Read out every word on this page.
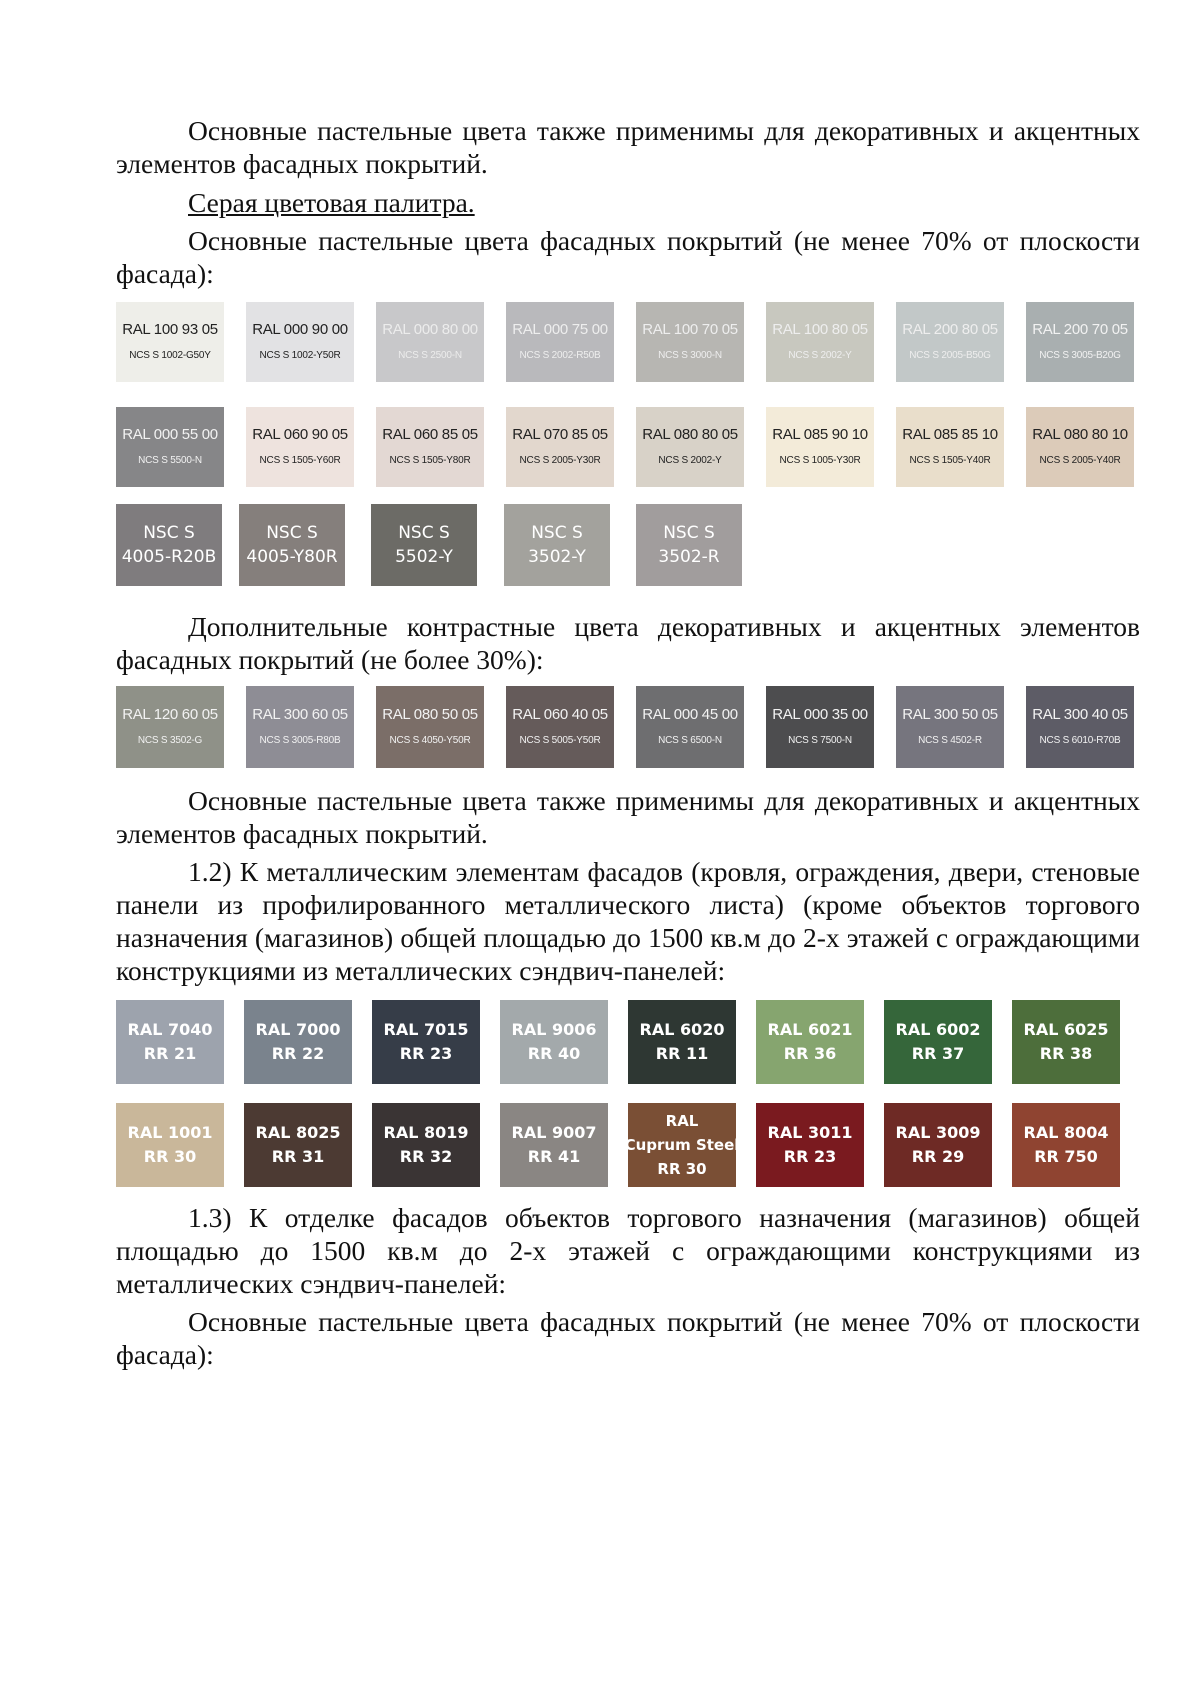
Основные пастельные цвета также применимы для декоративных и акцентных элементов фасадных покрытий.

Серая цветовая палитра.

Основные пастельные цвета фасадных покрытий (не менее 70% от плоскости фасада):

RAL 100 93 05
NCS S 1002-G50Y
RAL 000 90 00
NCS S 1002-Y50R
RAL 000 80 00
NCS S 2500-N
RAL 000 75 00
NCS S 2002-R50B
RAL 100 70 05
NCS S 3000-N
RAL 100 80 05
NCS S 2002-Y
RAL 200 80 05
NCS S 2005-B50G
RAL 200 70 05
NCS S 3005-B20G
RAL 000 55 00
NCS S 5500-N
RAL 060 90 05
NCS S 1505-Y60R
RAL 060 85 05
NCS S 1505-Y80R
RAL 070 85 05
NCS S 2005-Y30R
RAL 080 80 05
NCS S 2002-Y
RAL 085 90 10
NCS S 1005-Y30R
RAL 085 85 10
NCS S 1505-Y40R
RAL 080 80 10
NCS S 2005-Y40R
NSC S
4005-R20B
NSC S
4005-Y80R
NSC S
5502-Y
NSC S
3502-Y
NSC S
3502-R

Дополнительные контрастные цвета декоративных и акцентных элементов фасадных покрытий (не более 30%):

RAL 120 60 05
NCS S 3502-G
RAL 300 60 05
NCS S 3005-R80B
RAL 080 50 05
NCS S 4050-Y50R
RAL 060 40 05
NCS S 5005-Y50R
RAL 000 45 00
NCS S 6500-N
RAL 000 35 00
NCS S 7500-N
RAL 300 50 05
NCS S 4502-R
RAL 300 40 05
NCS S 6010-R70B

Основные пастельные цвета также применимы для декоративных и акцентных элементов фасадных покрытий.

1.2) К металлическим элементам фасадов (кровля, ограждения, двери, стеновые панели из профилированного металлического листа) (кроме объектов торгового назначения (магазинов) общей площадью до 1500 кв.м до 2-х этажей с ограждающими конструкциями из металлических сэндвич-панелей:

RAL 7040
RR 21
RAL 7000
RR 22
RAL 7015
RR 23
RAL 9006
RR 40
RAL 6020
RR 11
RAL 6021
RR 36
RAL 6002
RR 37
RAL 6025
RR 38
RAL 1001
RR 30
RAL 8025
RR 31
RAL 8019
RR 32
RAL 9007
RR 41
RAL
Cuprum Steel
RR 30
RAL 3011
RR 23
RAL 3009
RR 29
RAL 8004
RR 750

1.3) К отделке фасадов объектов торгового назначения (магазинов) общей площадью до 1500 кв.м до 2-х этажей с ограждающими конструкциями из металлических сэндвич-панелей:

Основные пастельные цвета фасадных покрытий (не менее 70% от плоскости фасада):
